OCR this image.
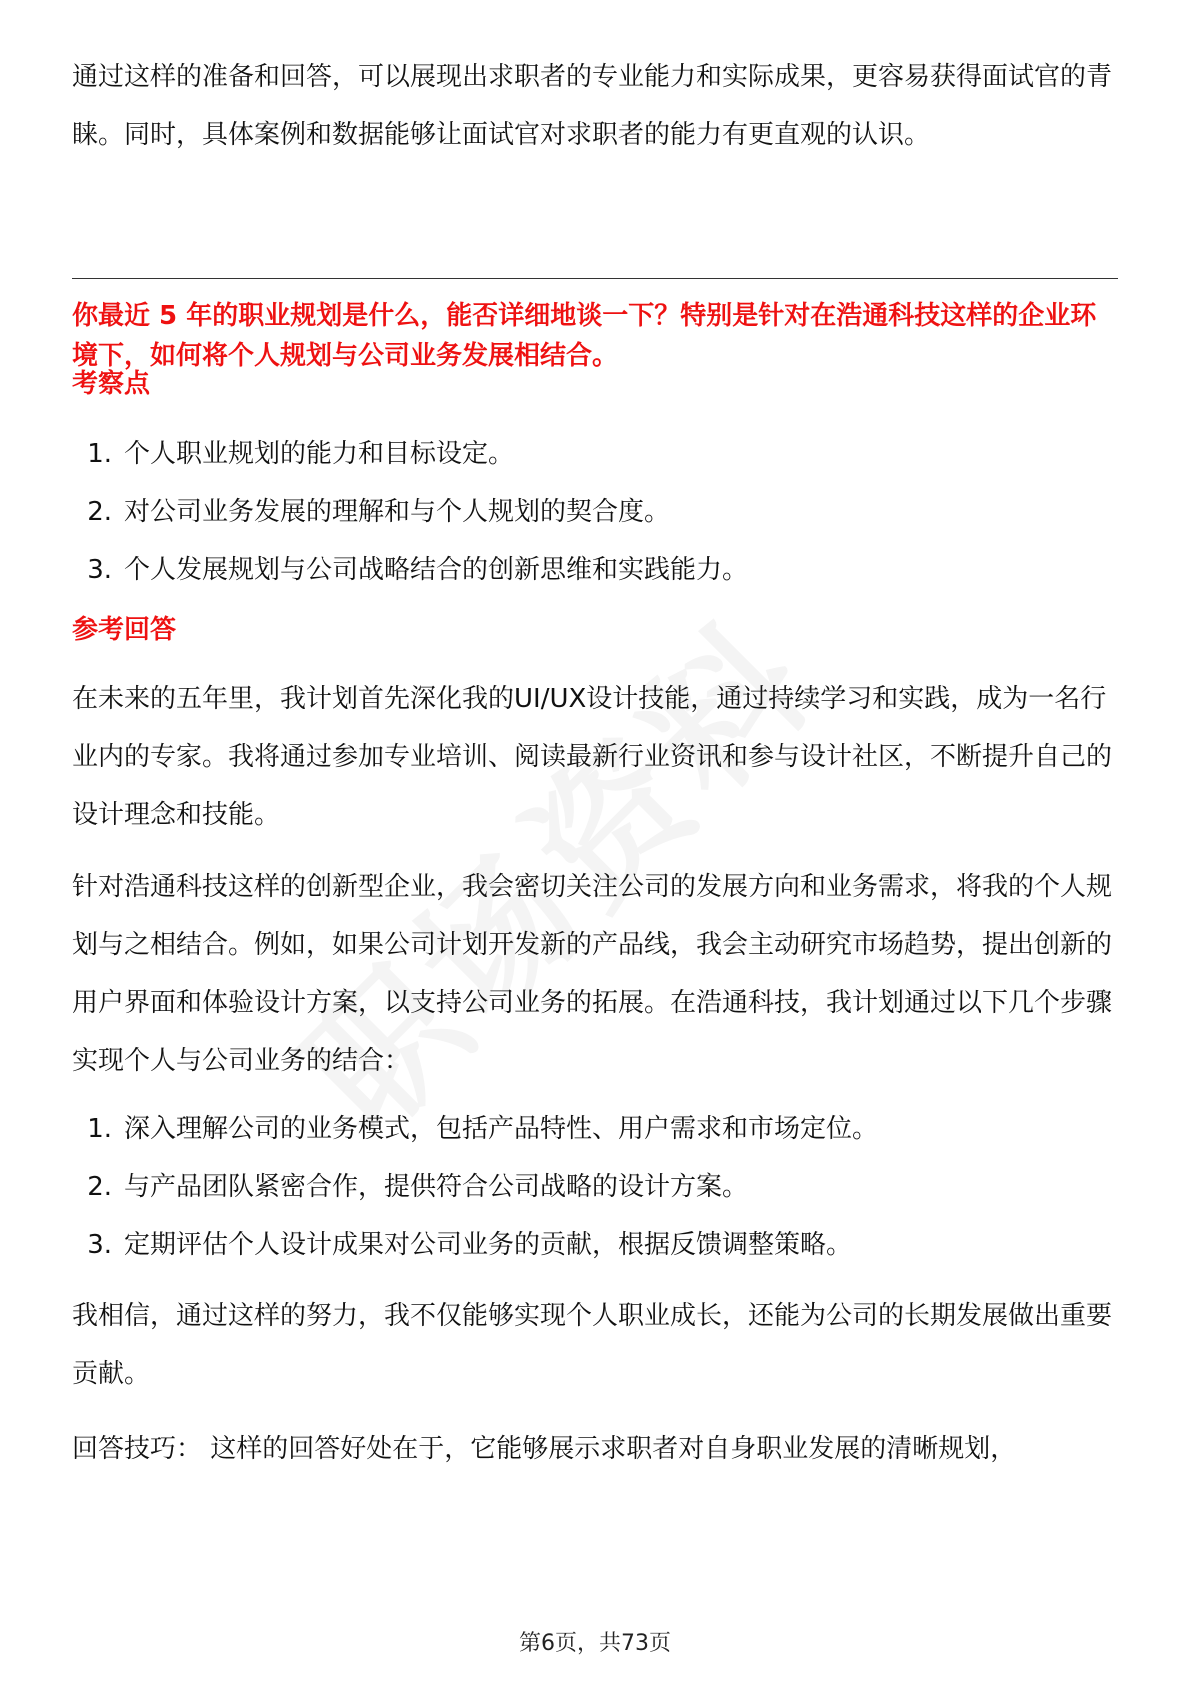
通过这样的准备和回答，可以展现出求职者的专业能力和实际成果，更容易获得面试官的青睐。同时，具体案例和数据能够让面试官对求职者的能力有更直观的认识。

你最近 5 年的职业规划是什么，能否详细地谈一下？特别是针对在浩通科技这样的企业环境下，如何将个人规划与公司业务发展相结合。

考察点
1. 个人职业规划的能力和目标设定。
2. 对公司业务发展的理解和与个人规划的契合度。
3. 个人发展规划与公司战略结合的创新思维和实践能力。
参考回答

在未来的五年里，我计划首先深化我的UI/UX设计技能，通过持续学习和实践，成为一名行业内的专家。我将通过参加专业培训、阅读最新行业资讯和参与设计社区，不断提升自己的设计理念和技能。

针对浩通科技这样的创新型企业，我会密切关注公司的发展方向和业务需求，将我的个人规划与之相结合。例如，如果公司计划开发新的产品线，我会主动研究市场趋势，提出创新的用户界面和体验设计方案，以支持公司业务的拓展。在浩通科技，我计划通过以下几个步骤实现个人与公司业务的结合：

1. 深入理解公司的业务模式，包括产品特性、用户需求和市场定位。
2. 与产品团队紧密合作，提供符合公司战略的设计方案。
3. 定期评估个人设计成果对公司业务的贡献，根据反馈调整策略。

我相信，通过这样的努力，我不仅能够实现个人职业成长，还能为公司的长期发展做出重要贡献。

回答技巧： 这样的回答好处在于，它能够展示求职者对自身职业发展的清晰规划，

第6页，共73页
